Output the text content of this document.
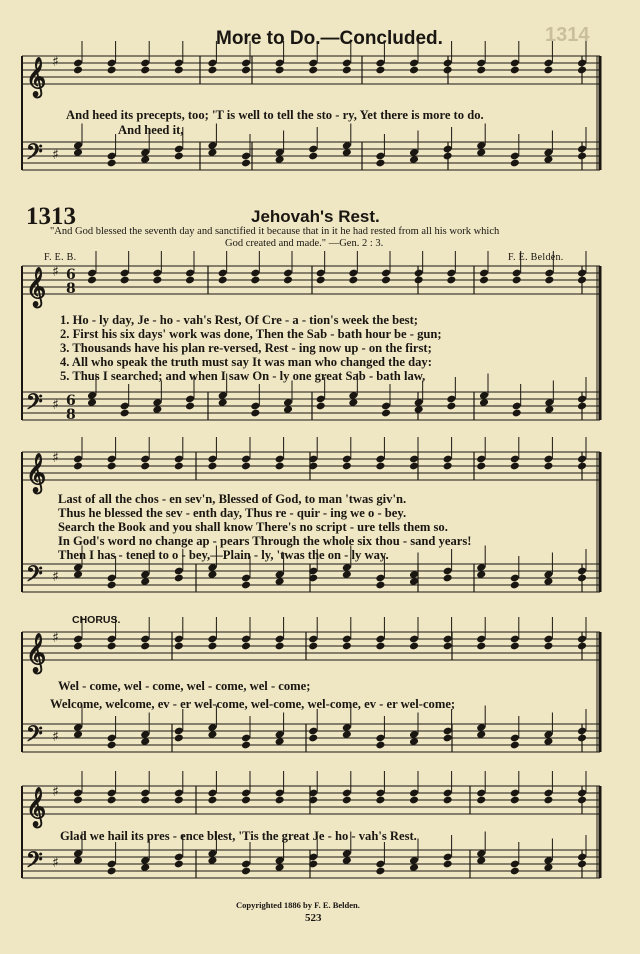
1314
More to Do.—Concluded.
𝄞
𝄢
♯
♯
𝄞
𝄢
♯
♯
6
8
6
8
𝄞
𝄢
♯
♯
𝄞
𝄢
♯
♯
𝄞
𝄢
♯
♯
And heed its precepts, too; 'T is well to tell the sto - ry, Yet there is more to do.
And heed it,
1313	Jehovah's Rest.
"And God blessed the seventh day and sanctified it because that in it he had rested from all his work which
God created and made." —Gen. 2 : 3.
F. E. B.	F. E. Belden.
1. Ho - ly day, Je - ho - vah's Rest, Of Cre - a - tion's week the best;
2. First his six days' work was done, Then the Sab - bath hour be - gun;
3. Thousands have his plan re-versed, Rest - ing now up - on the first;
4. All who speak the truth must say It was man who changed the day:
5. Thus I searched; and when I saw On - ly one great Sab - bath law,
Last of all the chos - en sev'n, Blessed of God, to man 'twas giv'n.
Thus he blessed the sev - enth day, Thus re - quir - ing we o - bey.
Search the Book and you shall know There's no script - ure tells them so.
In God's word no change ap - pears Through the whole six thou - sand years!
Then I has - tened to o - bey,—Plain - ly, 'twas the on - ly way.
CHORUS.
Wel - come, wel - come, wel - come, wel - come;
Welcome, welcome, ev - er wel-come, wel-come, wel-come, ev - er wel-come;
Glad we hail its pres - ence blest, 'Tis the great Je - ho - vah's Rest.
Copyrighted 1886 by F. E. Belden.
523
